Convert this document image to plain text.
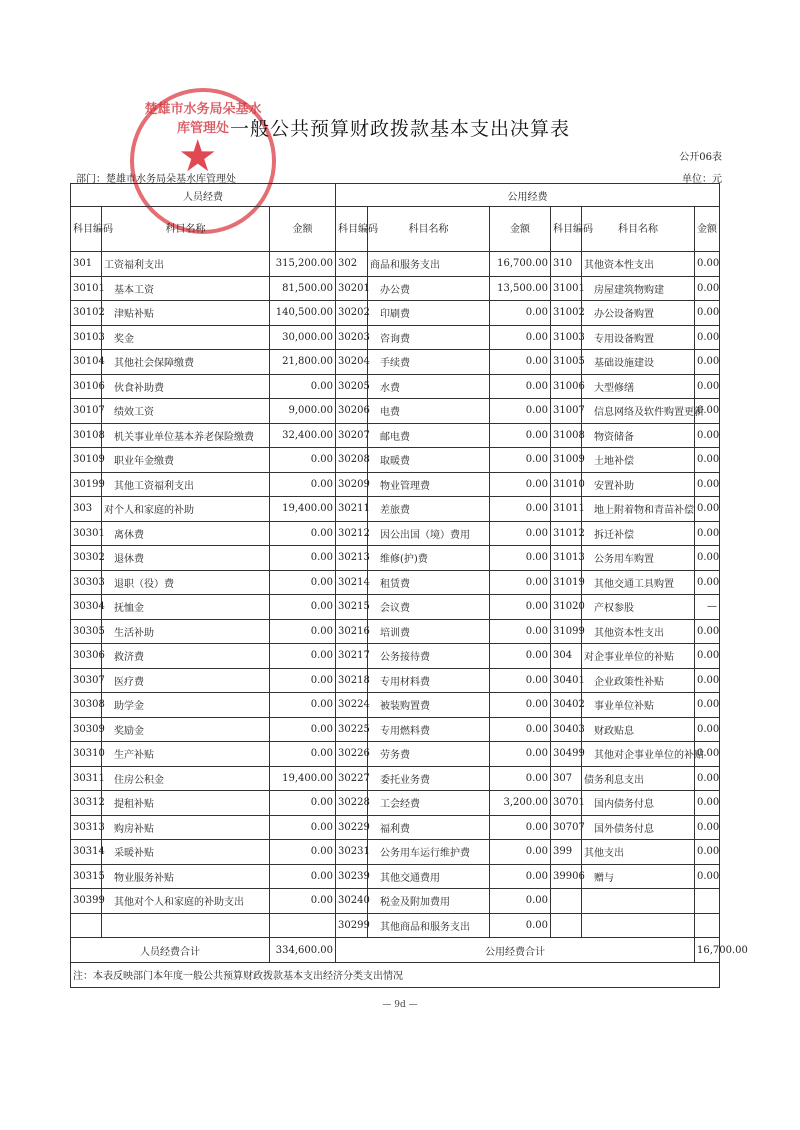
楚雄市水务局朵基水库管理处
★
一般公共预算财政拨款基本支出决算表
公开06表
部门：楚雄市水务局朵基水库管理处	单位：元
人员经费			公用经费					
科目编码	科目名称	金额	科目编码	科目名称	金额	科目编码	科目名称	金额
301	工资福利支出	315,200.00	302	商品和服务支出	16,700.00	310	其他资本性支出	0.00
30101	基本工资	81,500.00	30201	办公费	13,500.00	31001	房屋建筑物购建	0.00
30102	津贴补贴	140,500.00	30202	印刷费	0.00	31002	办公设备购置	0.00
30103	奖金	30,000.00	30203	咨询费	0.00	31003	专用设备购置	0.00
30104	其他社会保障缴费	21,800.00	30204	手续费	0.00	31005	基础设施建设	0.00
30106	伙食补助费	0.00	30205	水费	0.00	31006	大型修缮	0.00
30107	绩效工资	9,000.00	30206	电费	0.00	31007	信息网络及软件购置更新	0.00
30108	机关事业单位基本养老保险缴费	32,400.00	30207	邮电费	0.00	31008	物资储备	0.00
30109	职业年金缴费	0.00	30208	取暖费	0.00	31009	土地补偿	0.00
30199	其他工资福利支出	0.00	30209	物业管理费	0.00	31010	安置补助	0.00
303	对个人和家庭的补助	19,400.00	30211	差旅费	0.00	31011	地上附着物和青苗补偿	0.00
30301	离休费	0.00	30212	因公出国（境）费用	0.00	31012	拆迁补偿	0.00
30302	退休费	0.00	30213	维修(护)费	0.00	31013	公务用车购置	0.00
30303	退职（役）费	0.00	30214	租赁费	0.00	31019	其他交通工具购置	0.00
30304	抚恤金	0.00	30215	会议费	0.00	31020	产权参股	—
30305	生活补助	0.00	30216	培训费	0.00	31099	其他资本性支出	0.00
30306	救济费	0.00	30217	公务接待费	0.00	304	对企事业单位的补贴	0.00
30307	医疗费	0.00	30218	专用材料费	0.00	30401	企业政策性补贴	0.00
30308	助学金	0.00	30224	被装购置费	0.00	30402	事业单位补贴	0.00
30309	奖励金	0.00	30225	专用燃料费	0.00	30403	财政贴息	0.00
30310	生产补贴	0.00	30226	劳务费	0.00	30499	其他对企事业单位的补贴	0.00
30311	住房公积金	19,400.00	30227	委托业务费	0.00	307	债务利息支出	0.00
30312	提租补贴	0.00	30228	工会经费	3,200.00	30701	国内债务付息	0.00
30313	购房补贴	0.00	30229	福利费	0.00	30707	国外债务付息	0.00
30314	采暖补贴	0.00	30231	公务用车运行维护费	0.00	399	其他支出	0.00
30315	物业服务补贴	0.00	30239	其他交通费用	0.00	39906	赠与	0.00
30399	其他对个人和家庭的补助支出	0.00	30240	税金及附加费用	0.00			
			30299	其他商品和服务支出	0.00			
人员经费合计		334,600.00	公用经费合计					16,700.00
注：本表反映部门本年度一般公共预算财政拨款基本支出经济分类支出情况								
— 9d —
